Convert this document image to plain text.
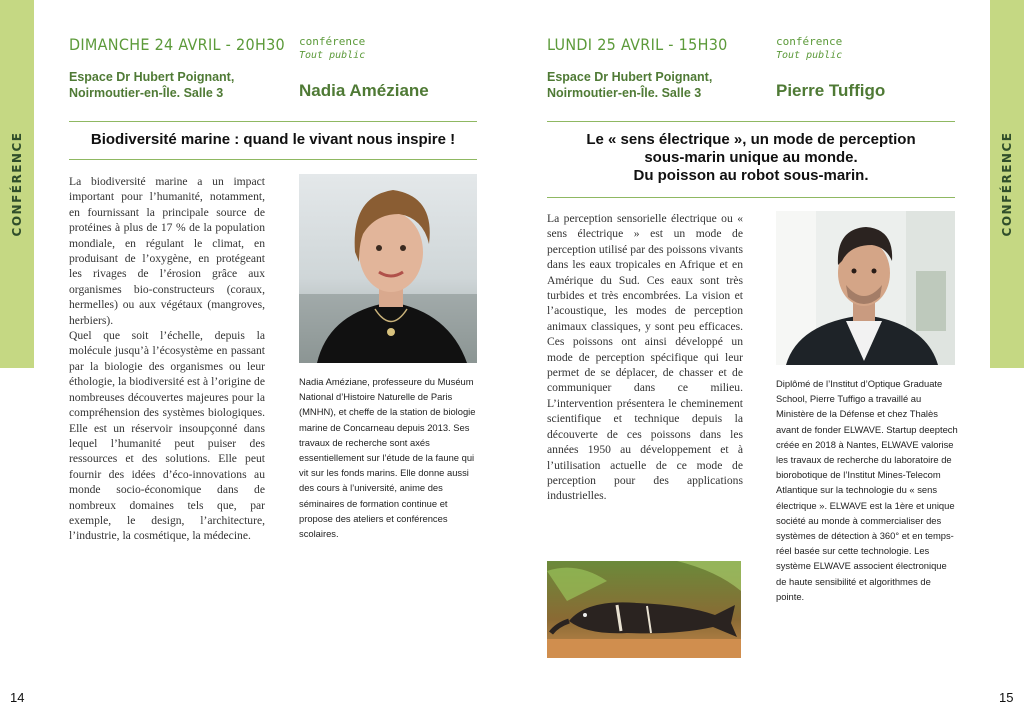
CONFÉRENCE	CONFÉRENCE
DIMANCHE 24 AVRIL - 20H30 conférence
Tout public
Espace Dr Hubert Poignant,
Noirmoutier-en-Île. Salle 3	Nadia Améziane
Biodiversité marine : quand le vivant nous inspire !

La biodiversité marine a un impact important pour l’humanité, notamment, en fournissant la principale source de protéines à plus de 17 % de la population mondiale, en régulant le climat, en produisant de l’oxygène, en protégeant les rivages de l’érosion grâce aux organismes bio-constructeurs (coraux, hermelles) ou aux végétaux (mangroves, herbiers).

Quel que soit l’échelle, depuis la molécule jusqu’à l’écosystème en passant par la biologie des organismes ou leur éthologie, la biodiversité est à l’origine de nombreuses découvertes majeures pour la compréhension des systèmes biologiques. Elle est un réservoir insoupçonné dans lequel l’humanité peut puiser des ressources et des solutions. Elle peut fournir des idées d’éco-innovations au monde socio-économique dans de nombreux domaines tels que, par exemple, le design, l’architecture, l’industrie, la cosmétique, la médecine.

Nadia Améziane, professeure du Muséum National d’Histoire Naturelle de Paris (MNHN), et cheffe de la station de biologie marine de Concarneau depuis 2013. Ses travaux de recherche sont axés essentiellement sur l’étude de la faune qui vit sur les fonds marins. Elle donne aussi des cours à l’université, anime des séminaires de formation continue et propose des ateliers et conférences scolaires.
14
LUNDI 25 AVRIL - 15H30	conférence
Tout public
Espace Dr Hubert Poignant,
Noirmoutier-en-Île. Salle 3	Pierre Tuffigo
Le « sens électrique », un mode de perception
sous-marin unique au monde.
Du poisson au robot sous-marin.

La perception sensorielle électrique ou « sens électrique » est un mode de perception utilisé par des poissons vivants dans les eaux tropicales en Afrique et en Amérique du Sud. Ces eaux sont très turbides et très encombrées. La vision et l’acoustique, les modes de perception animaux classiques, y sont peu efficaces. Ces poissons ont ainsi développé un mode de perception spécifique qui leur permet de se déplacer, de chasser et de communiquer dans ce milieu. L’intervention présentera le cheminement scientifique et technique depuis la découverte de ces poissons dans les années 1950 au développement et à l’utilisation actuelle de ce mode de perception pour des applications industrielles.

Diplômé de l’Institut d’Optique Graduate School, Pierre Tuffigo a travaillé au Ministère de la Défense et chez Thalès avant de fonder ELWAVE. Startup deeptech créée en 2018 à Nantes, ELWAVE valorise les travaux de recherche du laboratoire de biorobotique de l’Institut Mines-Telecom Atlantique sur la technologie du « sens électrique ». ELWAVE est la 1ère et unique société au monde à commercialiser des systèmes de détection à 360° et en temps-réel basée sur cette technologie. Les système ELWAVE associent électronique de haute sensibilité et algorithmes de pointe.
15
